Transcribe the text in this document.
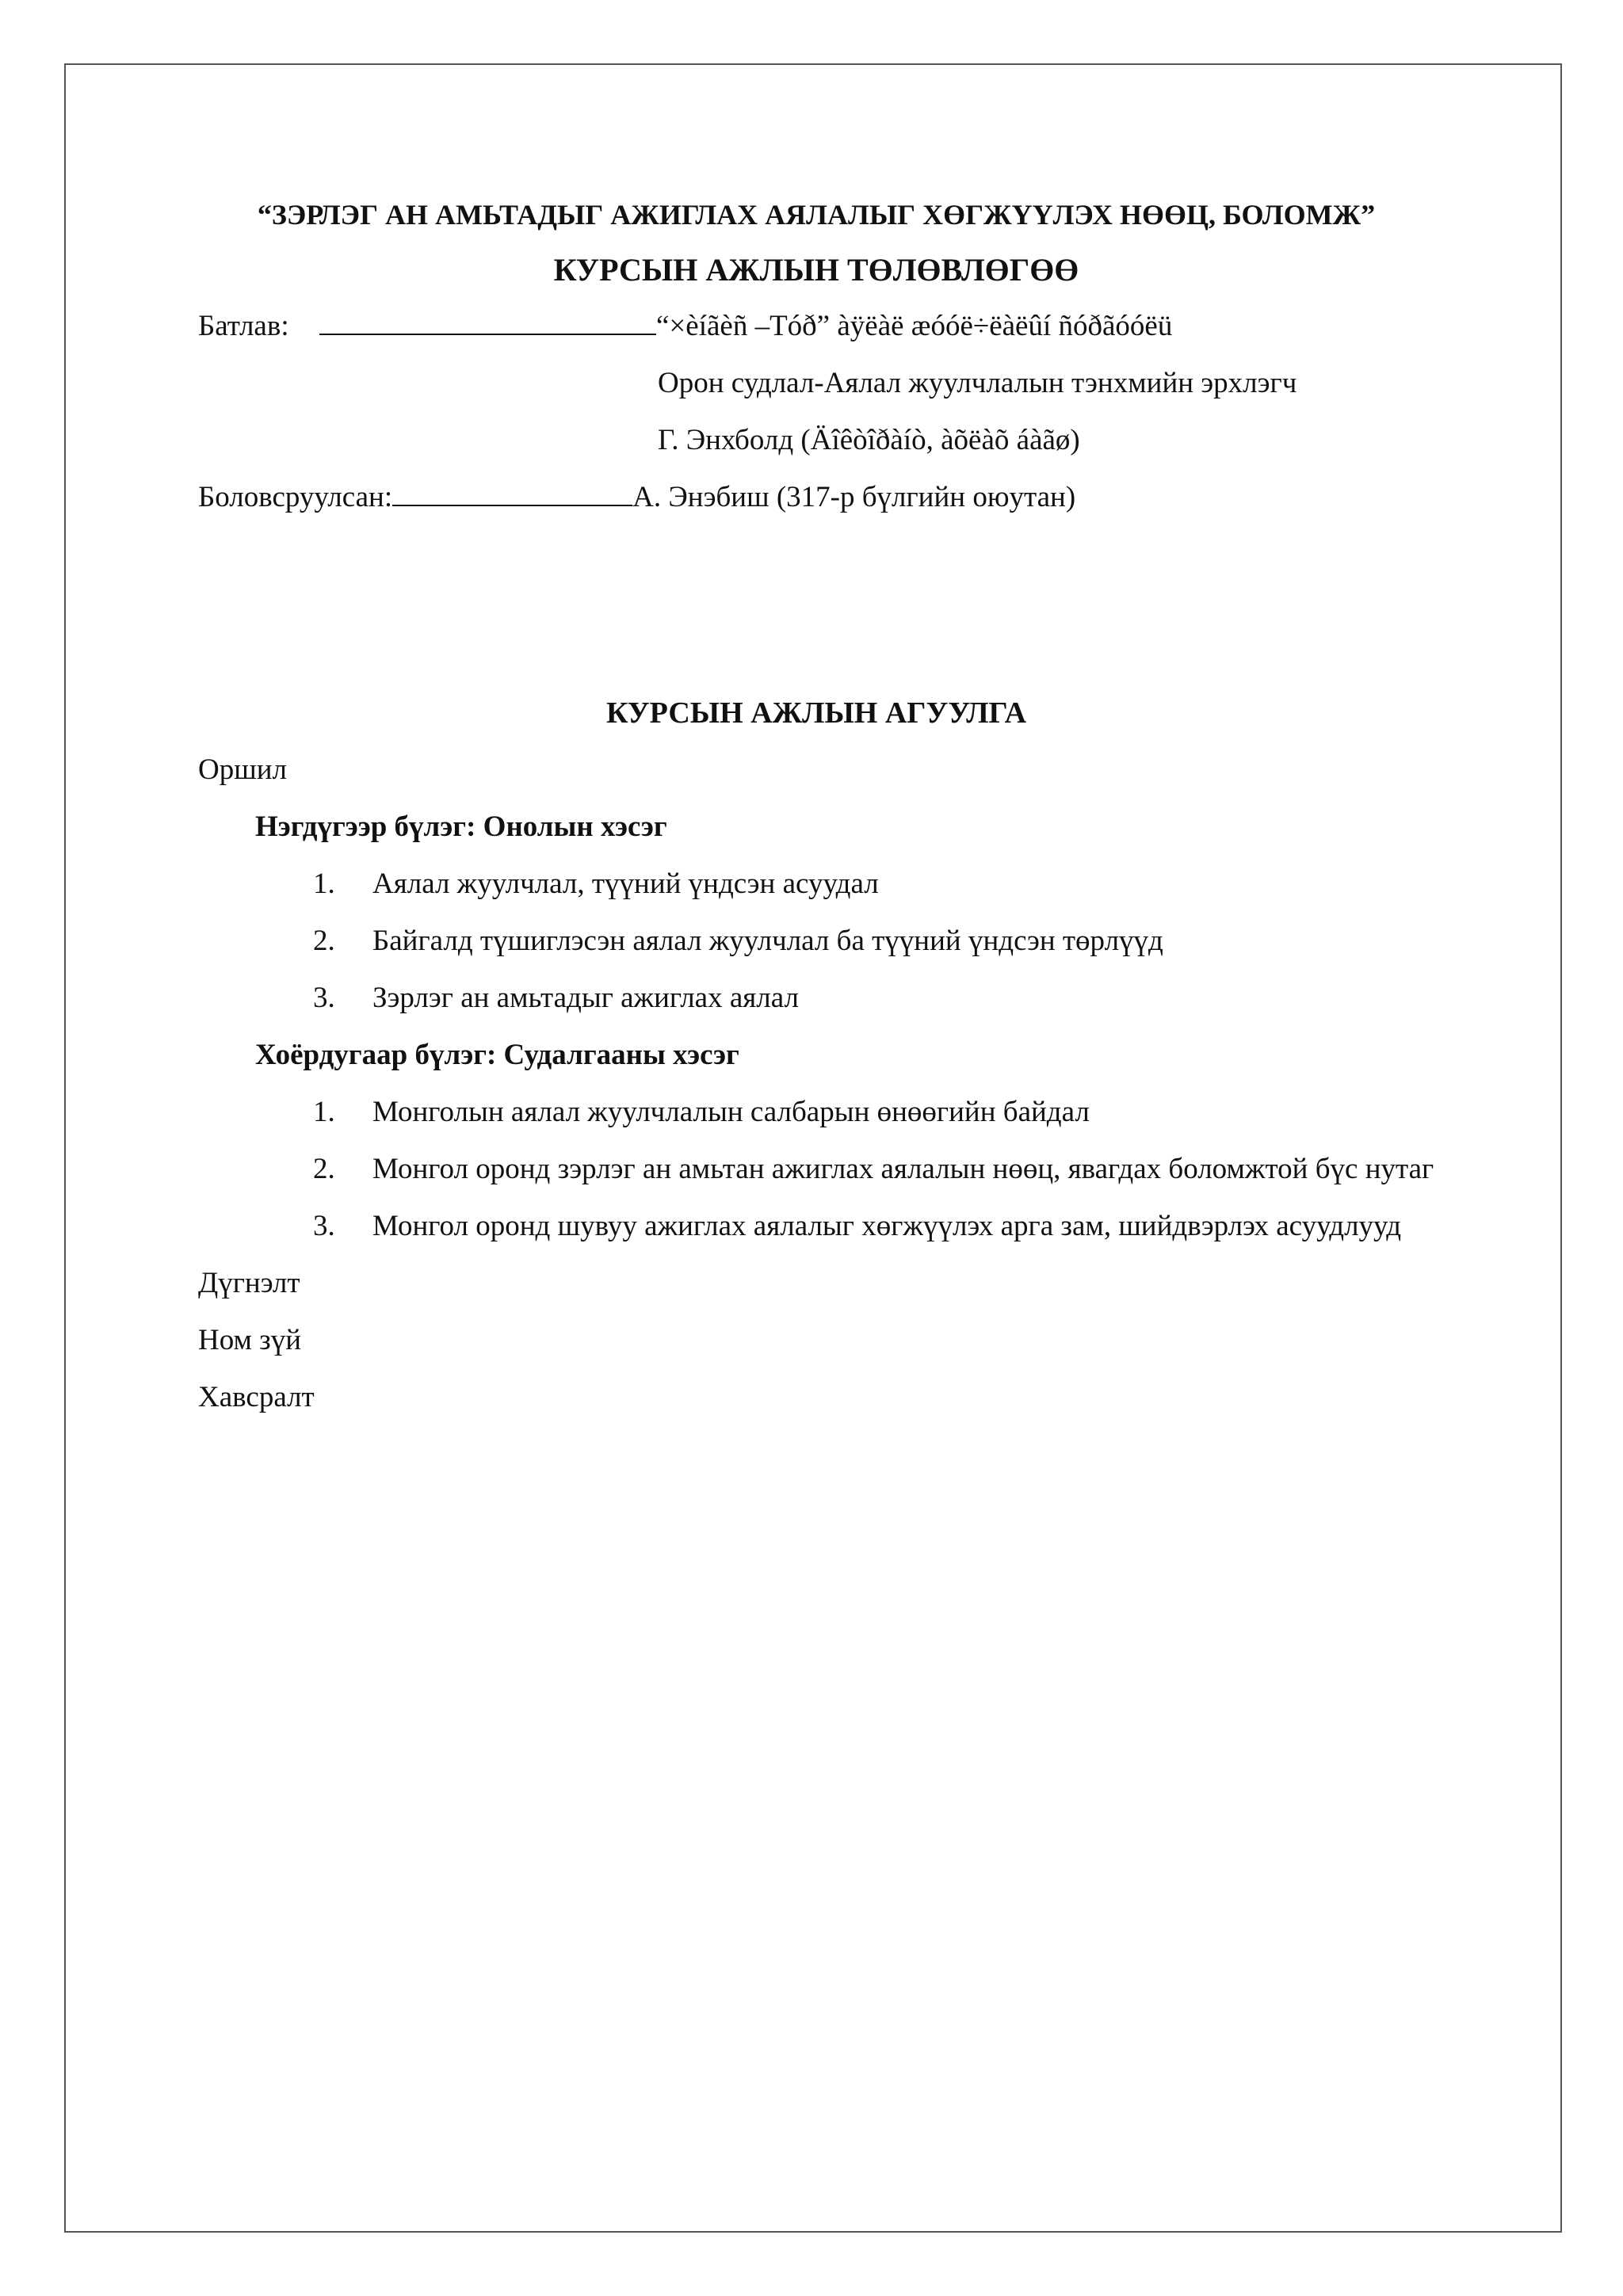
“ЗЭРЛЭГ АН АМЬТАДЫГ АЖИГЛАХ АЯЛАЛЫГ ХӨГЖҮҮЛЭХ НӨӨЦ, БОЛОМЖ”

КУРСЫН АЖЛЫН ТӨЛӨВЛӨГӨӨ

Батлав:	“×èíãèñ –Tóð” àÿëàë æóóë÷ëàëûí ñóðãóóëü
Орон судлал-Аялал жуулчлалын тэнхмийн эрхлэгч
Г. Энхболд (Äîêòîðàíò, àõëàõ áàãø)
Боловсруулсан:	А. Энэбиш (317-р бүлгийн оюутан)

КУРСЫН АЖЛЫН АГУУЛГА

Оршил
Нэгдүгээр бүлэг: Онолын хэсэг
1.	Аялал жуулчлал, түүний үндсэн асуудал
2.	Байгалд түшиглэсэн аялал жуулчлал ба түүний үндсэн төрлүүд
3.	Зэрлэг ан амьтадыг ажиглах аялал
Хоёрдугаар бүлэг: Судалгааны хэсэг
1.	Монголын аялал жуулчлалын салбарын өнөөгийн байдал
2.	Монгол оронд зэрлэг ан амьтан ажиглах аялалын нөөц, явагдах боломжтой бүс нутаг
3.	Монгол оронд шувуу ажиглах аялалыг хөгжүүлэх арга зам, шийдвэрлэх асуудлууд
Дүгнэлт
Ном зүй
Хавсралт
